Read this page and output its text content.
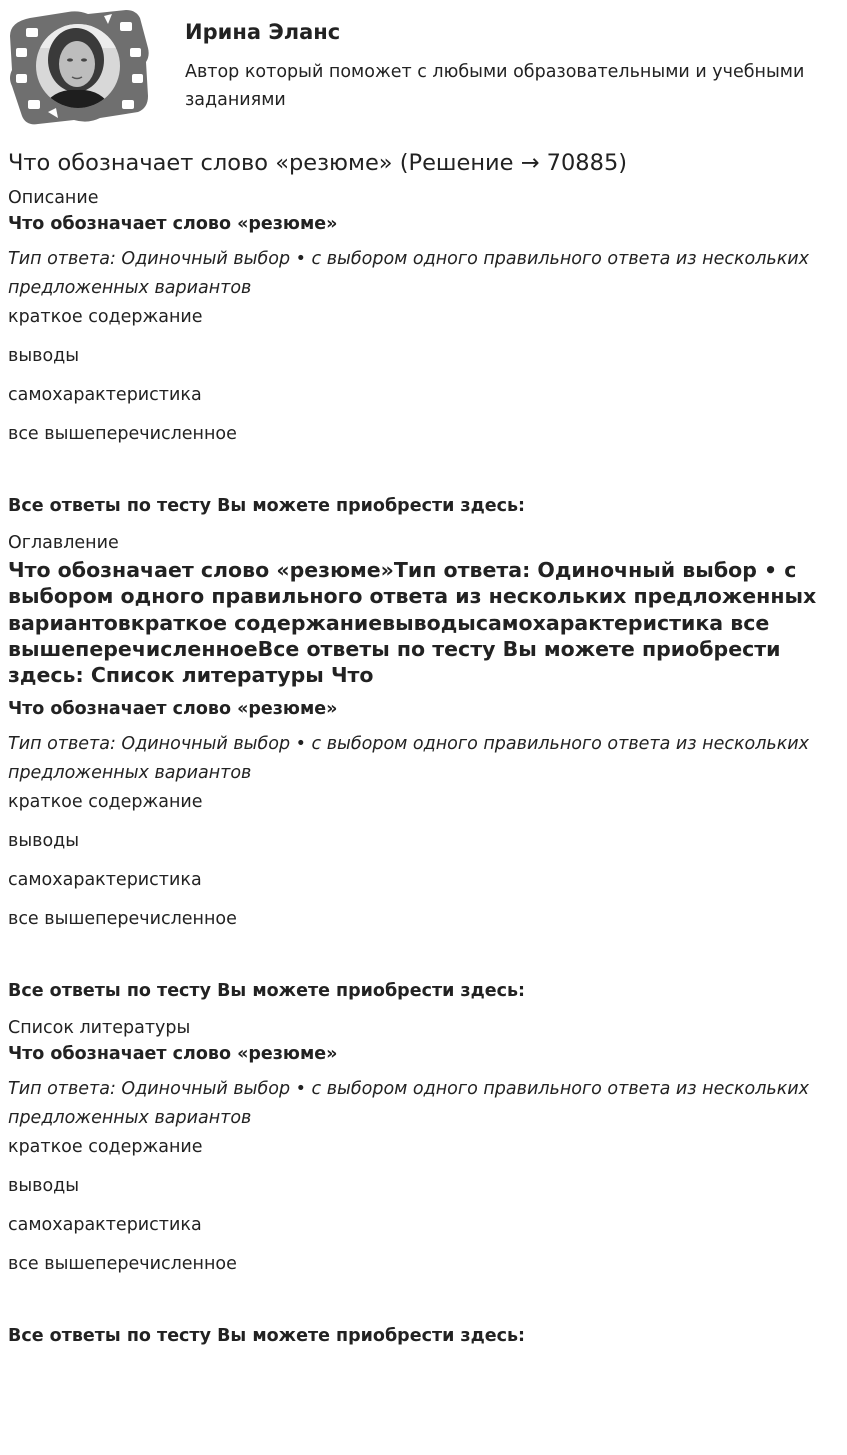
Ирина Эланс
Автор который поможет с любыми образовательными и учебными заданиями
Что обозначает слово «резюме» (Решение → 70885)

Описание

Что обозначает слово «резюме»

Тип ответа: Одиночный выбор • с выбором одного правильного ответа из нескольких предложенных вариантов

краткое содержание

выводы

самохарактеристика

все вышеперечисленное

Все ответы по тесту Вы можете приобрести здесь:

Оглавление

Что обозначает слово «резюме»Тип ответа: Одиночный выбор • с выбором одного правильного ответа из нескольких предложенных вариантовкраткое содержаниевыводысамохарактеристика все вышеперечисленноеВсе ответы по тесту Вы можете приобрести здесь: Список литературы Что

Что обозначает слово «резюме»

Тип ответа: Одиночный выбор • с выбором одного правильного ответа из нескольких предложенных вариантов

краткое содержание

выводы

самохарактеристика

все вышеперечисленное

Все ответы по тесту Вы можете приобрести здесь:

Список литературы

Что обозначает слово «резюме»

Тип ответа: Одиночный выбор • с выбором одного правильного ответа из нескольких предложенных вариантов

краткое содержание

выводы

самохарактеристика

все вышеперечисленное

Все ответы по тесту Вы можете приобрести здесь:
